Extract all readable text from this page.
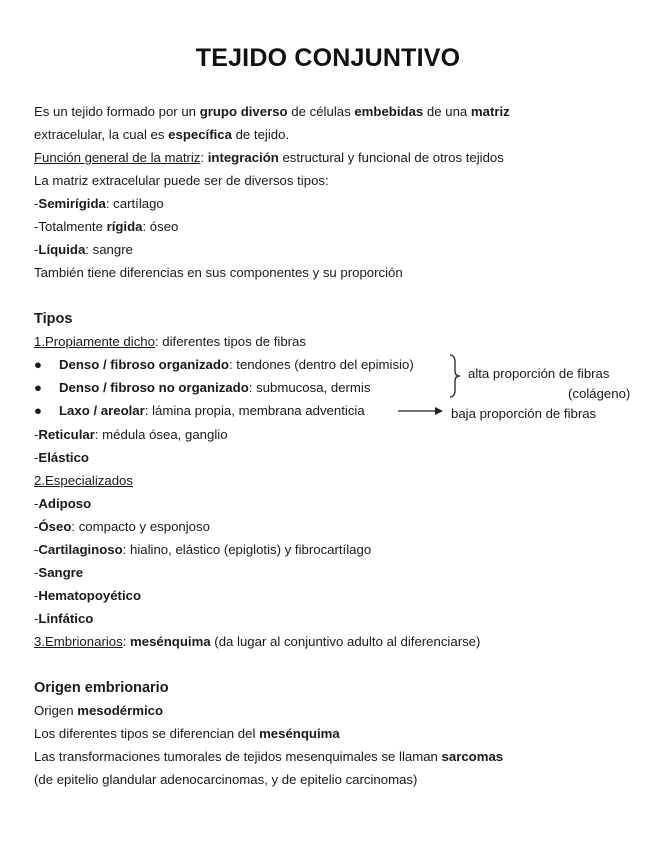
TEJIDO CONJUNTIVO
Es un tejido formado por un grupo diverso de células embebidas de una matriz
extracelular, la cual es específica de tejido.
Función general de la matriz: integración estructural y funcional de otros tejidos
La matriz extracelular puede ser de diversos tipos:
-Semirígida: cartílago
-Totalmente rígida: óseo
-Líquida: sangre
También tiene diferencias en sus componentes y su proporción
Tipos
1.Propiamente dicho: diferentes tipos de fibras
● Denso / fibroso organizado: tendones (dentro del epimisio)
● Denso / fibroso no organizado: submucosa, dermis
● Laxo / areolar: lámina propia, membrana adventicia
alta proporción de fibras
(colágeno)
baja proporción de fibras
-Reticular: médula ósea, ganglio
-Elástico
2.Especializados
-Adiposo
-Óseo: compacto y esponjoso
-Cartilaginoso: hialino, elástico (epiglotis) y fibrocartílago
-Sangre
-Hematopoyético
-Linfático
3.Embrionarios: mesénquima (da lugar al conjuntivo adulto al diferenciarse)
Origen embrionario
Origen mesodérmico
Los diferentes tipos se diferencian del mesénquima
Las transformaciones tumorales de tejidos mesenquimales se llaman sarcomas
(de epitelio glandular adenocarcinomas, y de epitelio carcinomas)
